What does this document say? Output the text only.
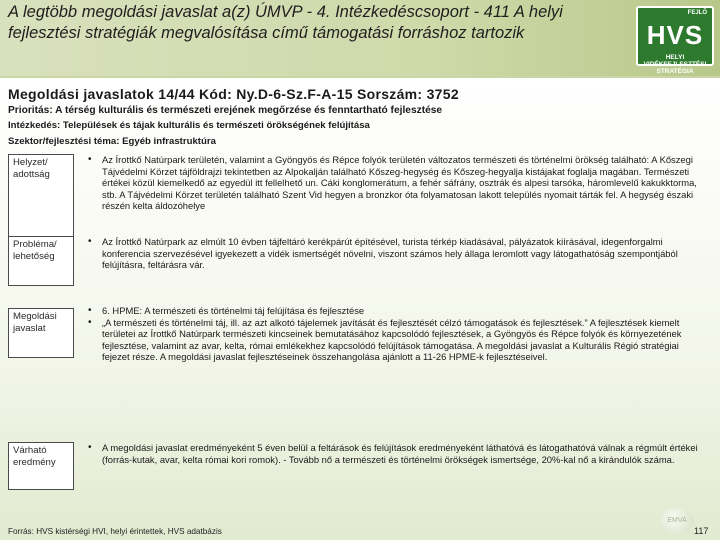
A legtöbb megoldási javaslat a(z) ÚMVP - 4. Intézkedéscsoport - 411 A helyi fejlesztési stratégiák megvalósítása című támogatási forráshoz tartozik
FEJLŐ
HVS
HELYI VIDÉKFEJLESZTÉSI STRATÉGIA
Megoldási javaslatok 14/44 Kód: Ny.D-6-Sz.F-A-15 Sorszám: 3752
Prioritás: A térség kulturális és természeti erejének megőrzése és fenntartható fejlesztése
Intézkedés: Települések és tájak kulturális és természeti örökségének felújítása
Szektor/fejlesztési téma: Egyéb infrastruktúra
Helyzet/ adottság
• Az Írottkő Natúrpark területén, valamint a Gyöngyös és Répce folyók területén változatos természeti és történelmi örökség található: A Kőszegi Tájvédelmi Körzet tájföldrajzi tekintetben az Alpokalján található Kőszeg-hegység és Kőszeg-hegyalja kistájakat foglalja magában. Természeti értékei közül kiemelkedő az egyedül itt fellelhető un. Cáki konglomerátum, a fehér sáfrány, osztrák és alpesi tarsóka, háromlevelű kakukktorma, stb. A Tájvédelmi Körzet területén található Szent Vid hegyen a bronzkor óta folyamatosan lakott település nyomait tárták fel. A hegység északi részén kelta áldozóhelye
Probléma/ lehetőség
• Az Írottkő Natúrpark az elmúlt 10 évben tájfeltáró kerékpárút építésével, turista térkép kiadásával, pályázatok kiírásával, idegenforgalmi konferencia szervezésével igyekezett a vidék ismertségét növelni, viszont számos hely állaga leromlott vagy látogathatóság szempontjából felújításra, feltárásra vár.
Megoldási javaslat
• 6. HPME: A természeti és történelmi táj felújítása és fejlesztése
• „A természeti és történelmi táj, ill. az azt alkotó tájelemek javítását és fejlesztését célzó támogatások és fejlesztések.” A fejlesztések kiemelt területei az Írottkő Natúrpark természeti kincseinek bemutatásához kapcsolódó fejlesztések, a Gyöngyös és Répce folyók és környezetének fejlesztése, valamint az avar, kelta, római emlékekhez kapcsolódó felújítások támogatása. A megoldási javaslat a Kulturális Régió stratégiai fejezet része. A megoldási javaslat fejlesztéseinek összehangolása ajánlott a 11-26 HPME-k fejlesztéseivel.
Várható eredmény
• A megoldási javaslat eredményeként 5 éven belül a feltárások és felújítások eredményeként láthatóvá és látogathatóvá válnak a régmúlt értékei (forrás-kutak, avar, kelta római kori romok). - Tovább nő a természeti és történelmi örökségek ismertsége, 20%-kal nő a kirándulók száma.
Forrás: HVS kistérségi HVI, helyi érintettek, HVS adatbázis
EMVA
117
